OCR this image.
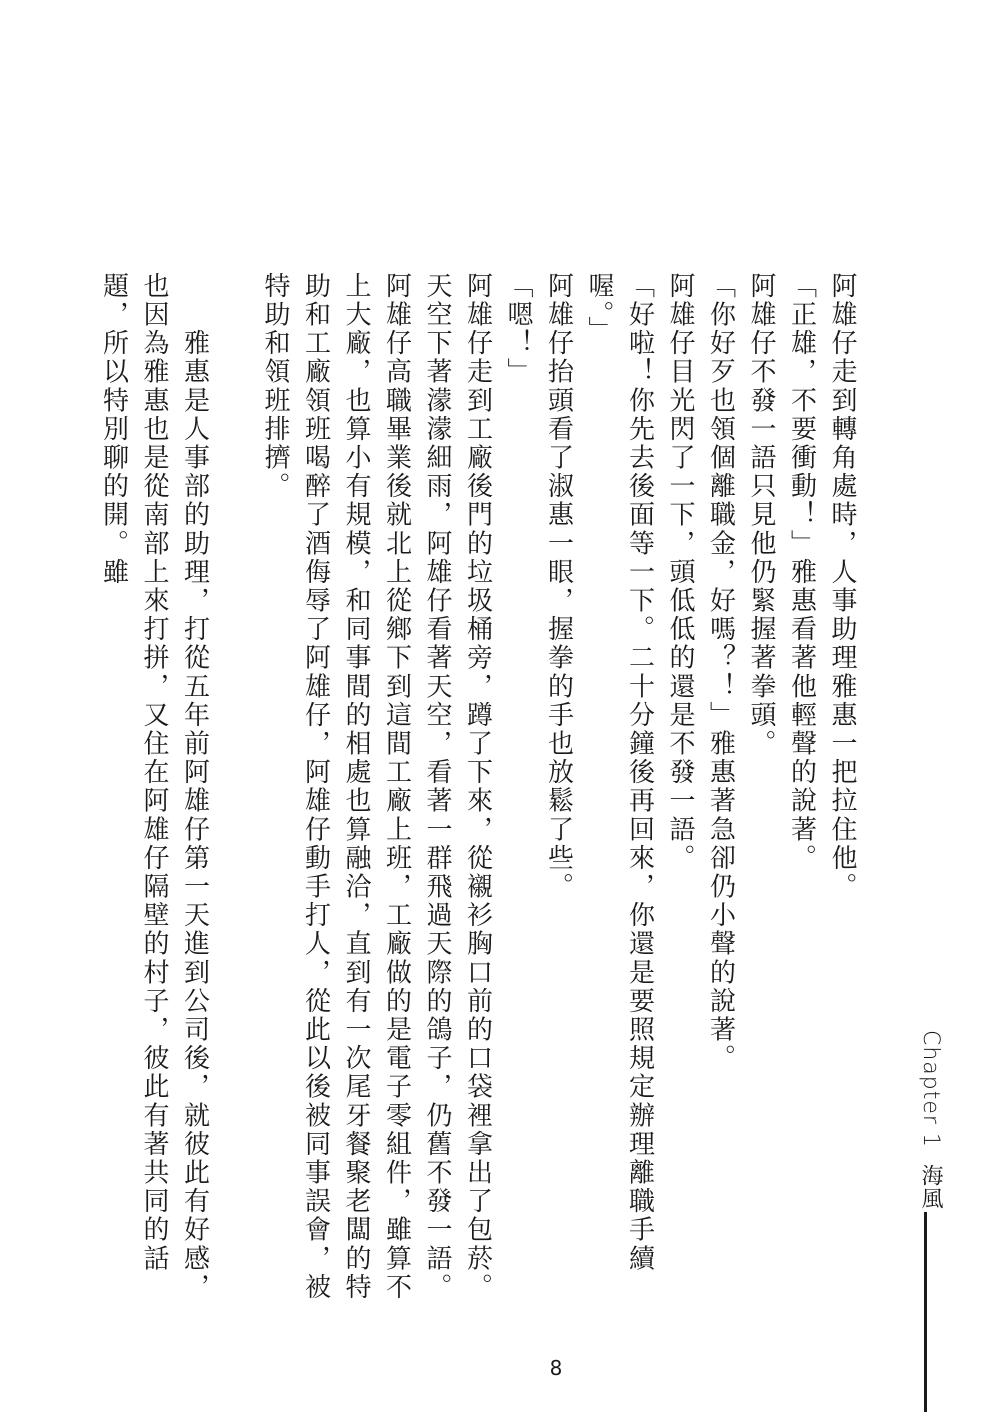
Chapter 1海風

阿雄仔走到轉角處時，人事助理雅惠一把拉住他。

「正雄，不要衝動！」雅惠看著他輕聲的說著。

阿雄仔不發一語只見他仍緊握著拳頭。

「你好歹也領個離職金，好嗎？！」雅惠著急卻仍小聲的說著。

阿雄仔目光閃了一下，頭低低的還是不發一語。

「好啦！你先去後面等一下。二十分鐘後再回來，你還是要照規定辦理離職手續喔。」

阿雄仔抬頭看了淑惠一眼，握拳的手也放鬆了些。

「嗯！」

阿雄仔走到工廠後門的垃圾桶旁，蹲了下來，從襯衫胸口前的口袋裡拿出了包菸。天空下著濛濛細雨，阿雄仔看著天空，看著一群飛過天際的鴿子，仍舊不發一語。

阿雄仔高職畢業後就北上從鄉下到這間工廠上班，工廠做的是電子零組件，雖算不上大廠，也算小有規模，和同事間的相處也算融洽，直到有一次尾牙餐聚老闆的特助和工廠領班喝醉了酒侮辱了阿雄仔，阿雄仔動手打人，從此以後被同事誤會，被特助和領班排擠。

　　雅惠是人事部的助理，打從五年前阿雄仔第一天進到公司後，就彼此有好感，也因為雅惠也是從南部上來打拼，又住在阿雄仔隔壁的村子，彼此有著共同的話題，所以特別聊的開。雖

8
